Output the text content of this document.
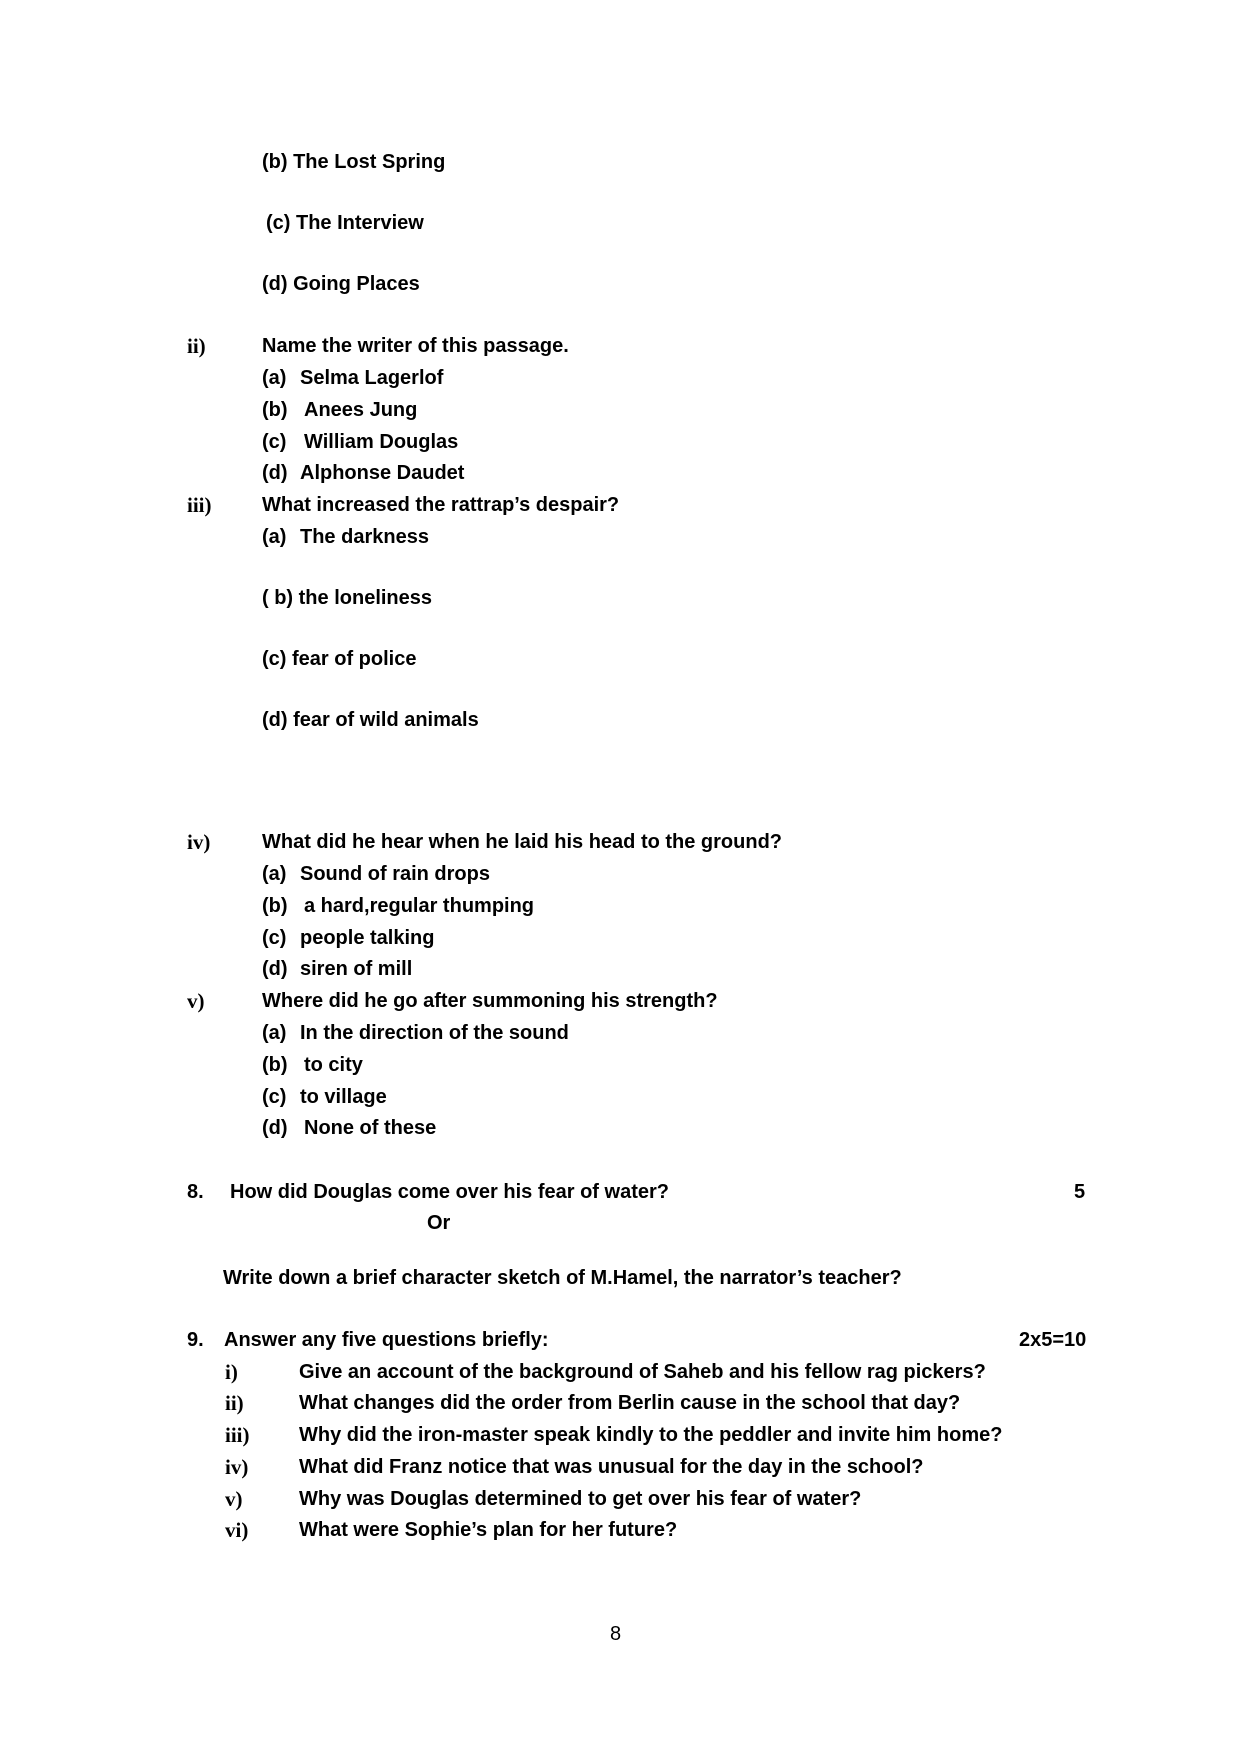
(b) The Lost Spring
(c) The Interview
(d) Going Places
ii)	Name the writer of this passage.
(a) Selma Lagerlof
(b) Anees Jung
(c) William Douglas
(d) Alphonse Daudet
iii)	What increased the rattrap’s despair?
(a) The darkness
( b) the loneliness
(c) fear of police
(d) fear of wild animals
iv)	What did he hear when he laid his head to the ground?
(a) Sound of rain drops
(b) a hard,regular thumping
(c) people talking
(d) siren of mill
v)	Where did he go after summoning his strength?
(a) In the direction of the sound
(b) to city
(c) to village
(d) None of these
8. How did Douglas come over his fear of water?	5
Or
Write down a brief character sketch of M.Hamel, the narrator’s teacher?
9. Answer any five questions briefly:	2x5=10
i)	Give an account of the background of Saheb and his fellow rag pickers?
ii)	What changes did the order from Berlin cause in the school that day?
iii) Why did the iron-master speak kindly to the peddler and invite him home?
iv)	What did Franz notice that was unusual for the day in the school?
v)	Why was Douglas determined to get over his fear of water?
vi)	What were Sophie’s plan for her future?
8
